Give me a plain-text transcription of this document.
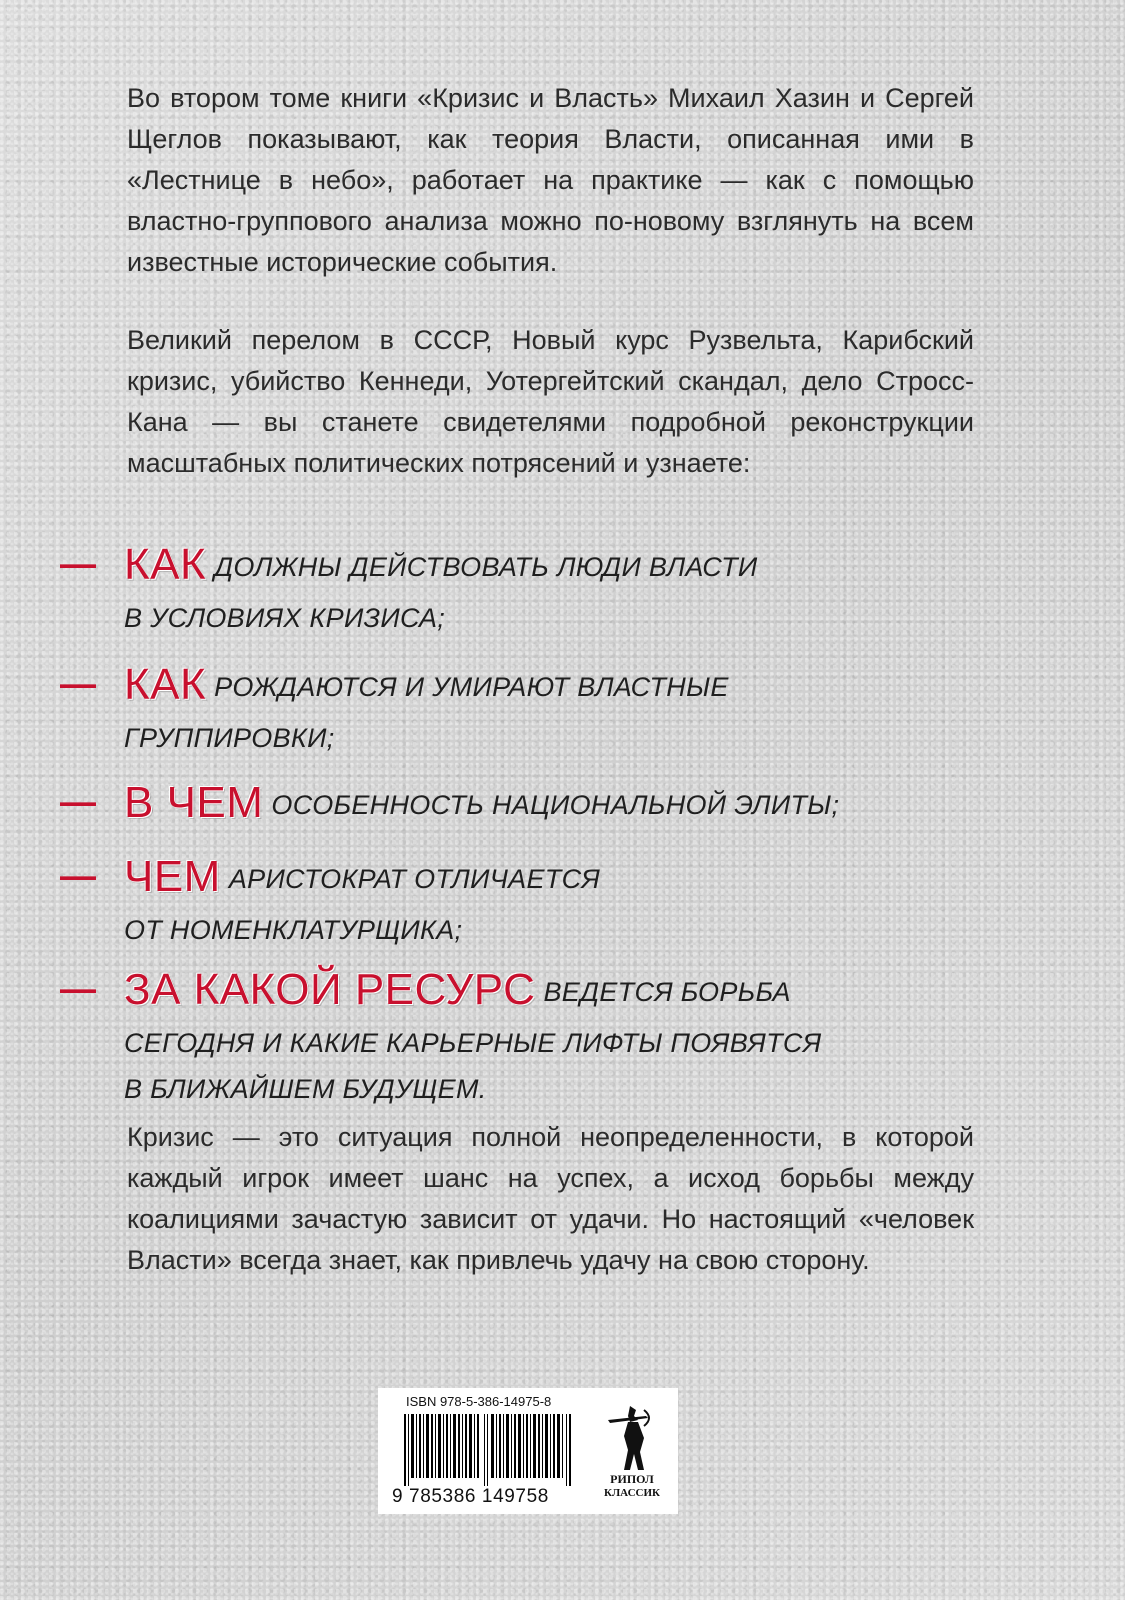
Во втором томе книги «Кризис и Власть» Михаил Хазин и Сергей Щеглов показывают, как теория Власти, описанная ими в «Лестнице в небо», работает на практике — как с помощью властно-группового анализа можно по-новому взглянуть на всем известные исторические события.

Великий перелом в СССР, Новый курс Рузвельта, Карибский кризис, убийство Кеннеди, Уотергейтский скандал, дело Стросс-Кана — вы станете свидетелями подробной реконструкции масштабных политических потрясений и узнаете:

— КАК ДОЛЖНЫ ДЕЙСТВОВАТЬ ЛЮДИ ВЛАСТИ
В УСЛОВИЯХ КРИЗИСА;
— КАК РОЖДАЮТСЯ И УМИРАЮТ ВЛАСТНЫЕ
ГРУППИРОВКИ;
— В ЧЕМ ОСОБЕННОСТЬ НАЦИОНАЛЬНОЙ ЭЛИТЫ;
— ЧЕМ АРИСТОКРАТ ОТЛИЧАЕТСЯ
ОТ НОМЕНКЛАТУРЩИКА;
— ЗА КАКОЙ РЕСУРС ВЕДЕТСЯ БОРЬБА
СЕГОДНЯ И КАКИЕ КАРЬЕРНЫЕ ЛИФТЫ ПОЯВЯТСЯ
В БЛИЖАЙШЕМ БУДУЩЕМ.

Кризис — это ситуация полной неопределенности, в которой каждый игрок имеет шанс на успех, а исход борьбы между коалициями зачастую зависит от удачи. Но настоящий «человек Власти» всегда знает, как привлечь удачу на свою сторону.

ISBN 978-5-386-14975-8
9 785386 149758
РИПОЛ
КЛАССИК
